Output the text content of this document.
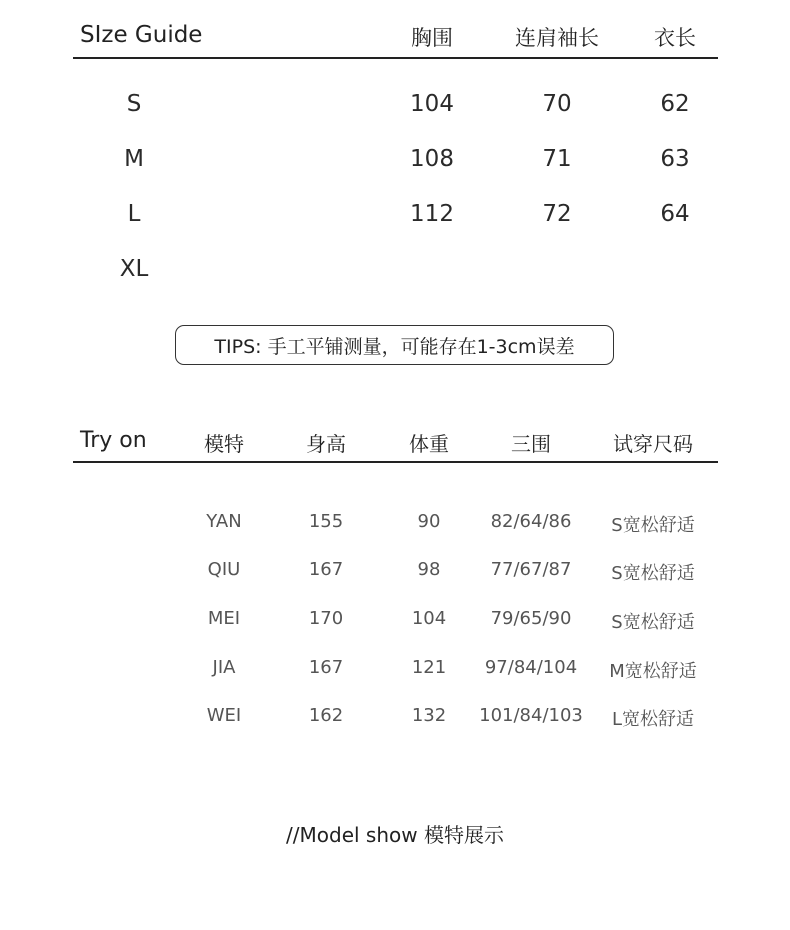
SIze Guide	胸围	连肩袖长	衣长
S	104	70	62
M	108	71	63
L	112	72	64
XL
TIPS: 手工平铺测量，可能存在1-3cm误差
Try on	模特	身高	体重	三围	试穿尺码
YAN	155	90	82/64/86 S宽松舒适
QIU	167	98	77/67/87 S宽松舒适
MEI	170	104 79/65/90 S宽松舒适
JIA	167	121 97/84/104 M宽松舒适
WEI	162	132 101/84/103 L宽松舒适
//Model show 模特展示
